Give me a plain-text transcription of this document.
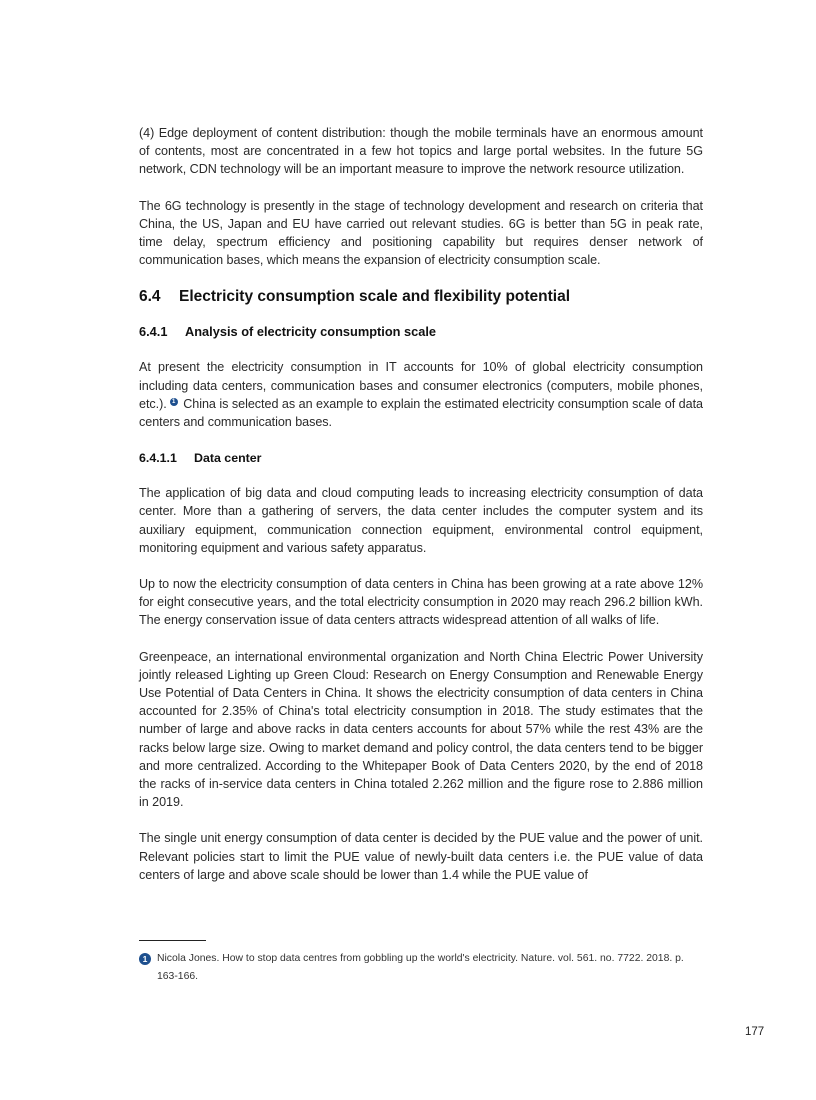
(4) Edge deployment of content distribution: though the mobile terminals have an enormous amount of contents, most are concentrated in a few hot topics and large portal websites. In the future 5G network, CDN technology will be an important measure to improve the network resource utilization.

The 6G technology is presently in the stage of technology development and research on criteria that China, the US, Japan and EU have carried out relevant studies. 6G is better than 5G in peak rate, time delay, spectrum efficiency and positioning capability but requires denser network of communication bases, which means the expansion of electricity consumption scale.

6.4 Electricity consumption scale and flexibility potential
6.4.1 Analysis of electricity consumption scale

At present the electricity consumption in IT accounts for 10% of global electricity consumption including data centers, communication bases and consumer electronics (computers, mobile phones, etc.). 1 China is selected as an example to explain the estimated electricity consumption scale of data centers and communication bases.

6.4.1.1 Data center

The application of big data and cloud computing leads to increasing electricity consumption of data center. More than a gathering of servers, the data center includes the computer system and its auxiliary equipment, communication connection equipment, environmental control equipment, monitoring equipment and various safety apparatus.

Up to now the electricity consumption of data centers in China has been growing at a rate above 12% for eight consecutive years, and the total electricity consumption in 2020 may reach 296.2 billion kWh. The energy conservation issue of data centers attracts widespread attention of all walks of life.

Greenpeace, an international environmental organization and North China Electric Power University jointly released Lighting up Green Cloud: Research on Energy Consumption and Renewable Energy Use Potential of Data Centers in China. It shows the electricity consumption of data centers in China accounted for 2.35% of China's total electricity consumption in 2018. The study estimates that the number of large and above racks in data centers accounts for about 57% while the rest 43% are the racks below large size. Owing to market demand and policy control, the data centers tend to be bigger and more centralized. According to the Whitepaper Book of Data Centers 2020, by the end of 2018 the racks of in-service data centers in China totaled 2.262 million and the figure rose to 2.886 million in 2019.

The single unit energy consumption of data center is decided by the PUE value and the power of unit. Relevant policies start to limit the PUE value of newly-built data centers i.e. the PUE value of data centers of large and above scale should be lower than 1.4 while the PUE value of

1 Nicola Jones. How to stop data centres from gobbling up the world's electricity. Nature. vol. 561. no. 7722. 2018. p. 163-166.
177
